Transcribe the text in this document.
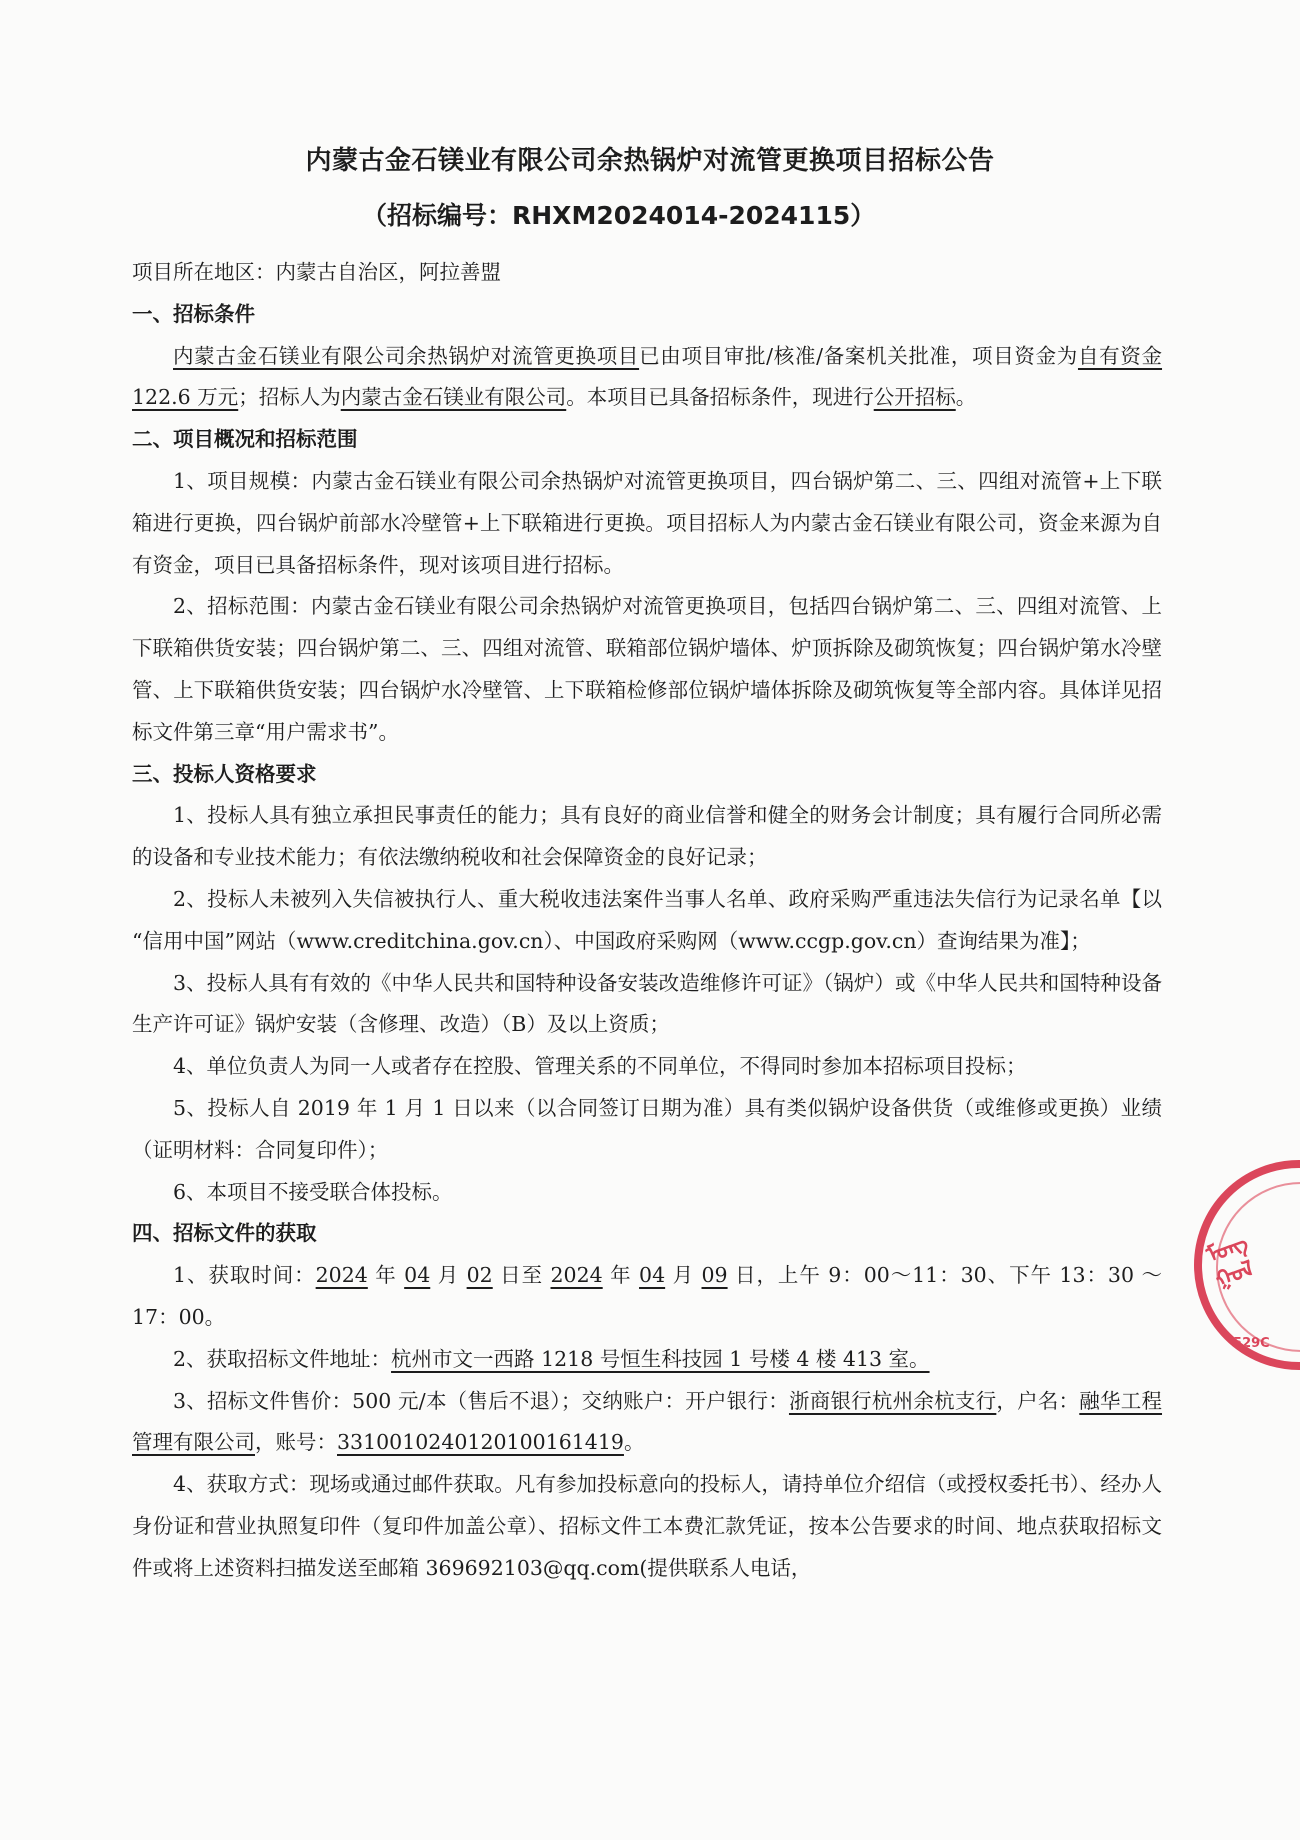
内蒙古金石镁业有限公司余热锅炉对流管更换项目招标公告
（招标编号：RHXM2024014-2024115）

项目所在地区：内蒙古自治区，阿拉善盟

一、招标条件

内蒙古金石镁业有限公司余热锅炉对流管更换项目已由项目审批/核准/备案机关批准，项目资金为自有资金 122.6 万元；招标人为内蒙古金石镁业有限公司。本项目已具备招标条件，现进行公开招标。

二、项目概况和招标范围

1、项目规模：内蒙古金石镁业有限公司余热锅炉对流管更换项目，四台锅炉第二、三、四组对流管+上下联箱进行更换，四台锅炉前部水冷壁管+上下联箱进行更换。项目招标人为内蒙古金石镁业有限公司，资金来源为自有资金，项目已具备招标条件，现对该项目进行招标。

2、招标范围：内蒙古金石镁业有限公司余热锅炉对流管更换项目，包括四台锅炉第二、三、四组对流管、上下联箱供货安装；四台锅炉第二、三、四组对流管、联箱部位锅炉墙体、炉顶拆除及砌筑恢复；四台锅炉第水冷壁管、上下联箱供货安装；四台锅炉水冷壁管、上下联箱检修部位锅炉墙体拆除及砌筑恢复等全部内容。具体详见招标文件第三章“用户需求书”。

三、投标人资格要求

1、投标人具有独立承担民事责任的能力；具有良好的商业信誉和健全的财务会计制度；具有履行合同所必需的设备和专业技术能力；有依法缴纳税收和社会保障资金的良好记录；

2、投标人未被列入失信被执行人、重大税收违法案件当事人名单、政府采购严重违法失信行为记录名单【以 “信用中国”网站（www.creditchina.gov.cn）、中国政府采购网（www.ccgp.gov.cn）查询结果为准】；

3、投标人具有有效的《中华人民共和国特种设备安装改造维修许可证》（锅炉）或《中华人民共和国特种设备生产许可证》锅炉安装（含修理、改造）（B）及以上资质；

4、单位负责人为同一人或者存在控股、管理关系的不同单位，不得同时参加本招标项目投标；

5、投标人自 2019 年 1 月 1 日以来（以合同签订日期为准）具有类似锅炉设备供货（或维修或更换）业绩（证明材料：合同复印件）；

6、本项目不接受联合体投标。

四、招标文件的获取

1、获取时间：2024 年 04 月 02 日至 2024 年 04 月 09 日，上午 9：00～11：30、下午 13：30 ～17：00。

2、获取招标文件地址：杭州市文一西路 1218 号恒生科技园 1 号楼 4 楼 413 室。

3、招标文件售价：500 元/本（售后不退）；交纳账户：开户银行：浙商银行杭州余杭支行，户名：融华工程管理有限公司，账号：3310010240120100161419。

4、获取方式：现场或通过邮件获取。凡有参加投标意向的投标人，请持单位介绍信（或授权委托书）、经办人身份证和营业执照复印件（复印件加盖公章）、招标文件工本费汇款凭证，按本公告要求的时间、地点获取招标文件或将上述资料扫描发送至邮箱 369692103@qq.com(提供联系人电话，

ᠮᠣᠩ
ᠭᠣᠯ
1529C
